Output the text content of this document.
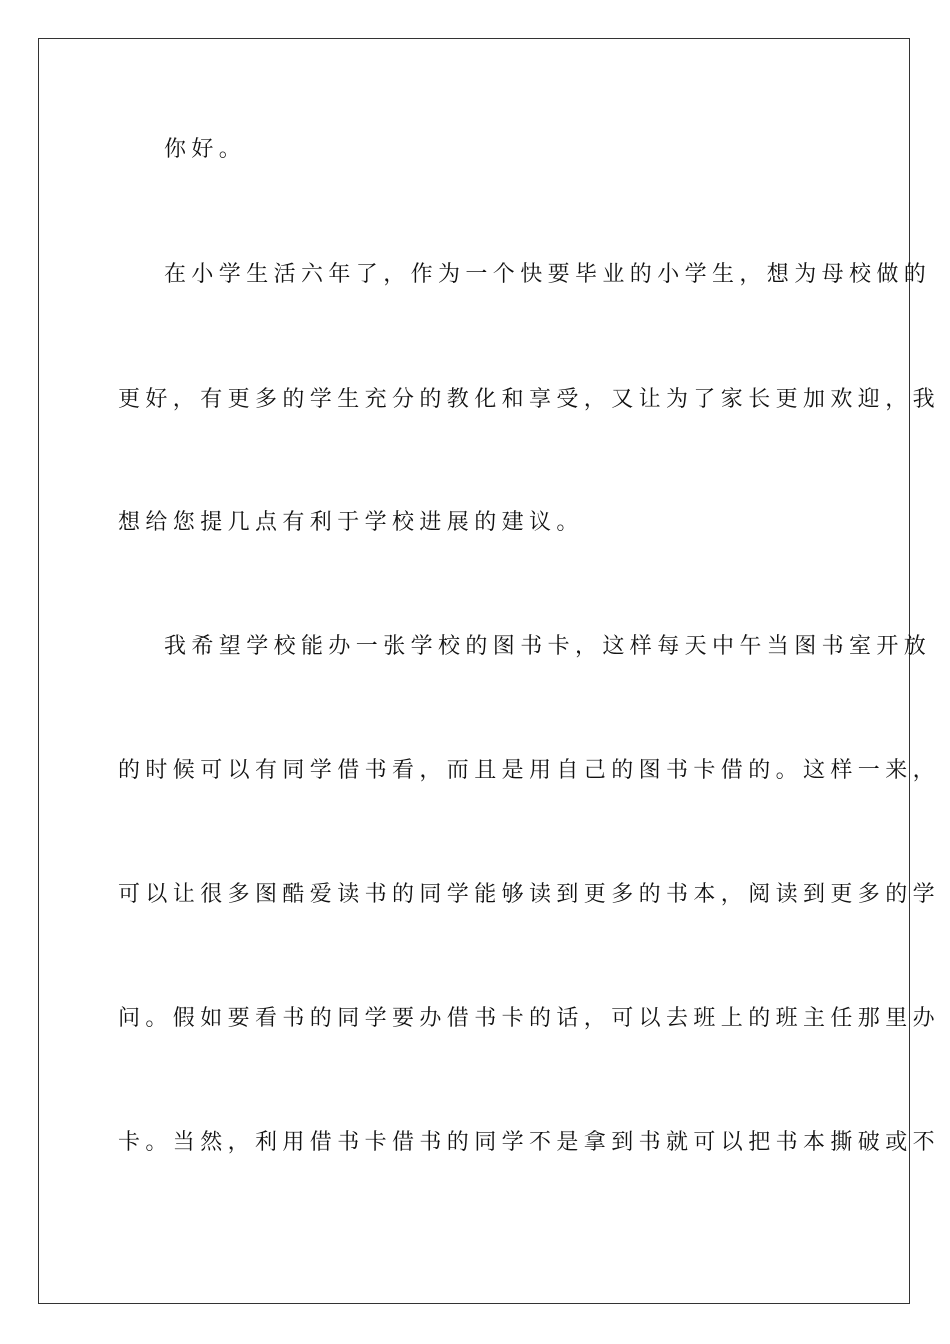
你好。
在小学生活六年了，作为一个快要毕业的小学生，想为母校做的
更好，有更多的学生充分的教化和享受，又让为了家长更加欢迎，我
想给您提几点有利于学校进展的建议。
我希望学校能办一张学校的图书卡，这样每天中午当图书室开放
的时候可以有同学借书看，而且是用自己的图书卡借的。这样一来，
可以让很多图酷爱读书的同学能够读到更多的书本，阅读到更多的学
问。假如要看书的同学要办借书卡的话，可以去班上的班主任那里办
卡。当然，利用借书卡借书的同学不是拿到书就可以把书本撕破或不
